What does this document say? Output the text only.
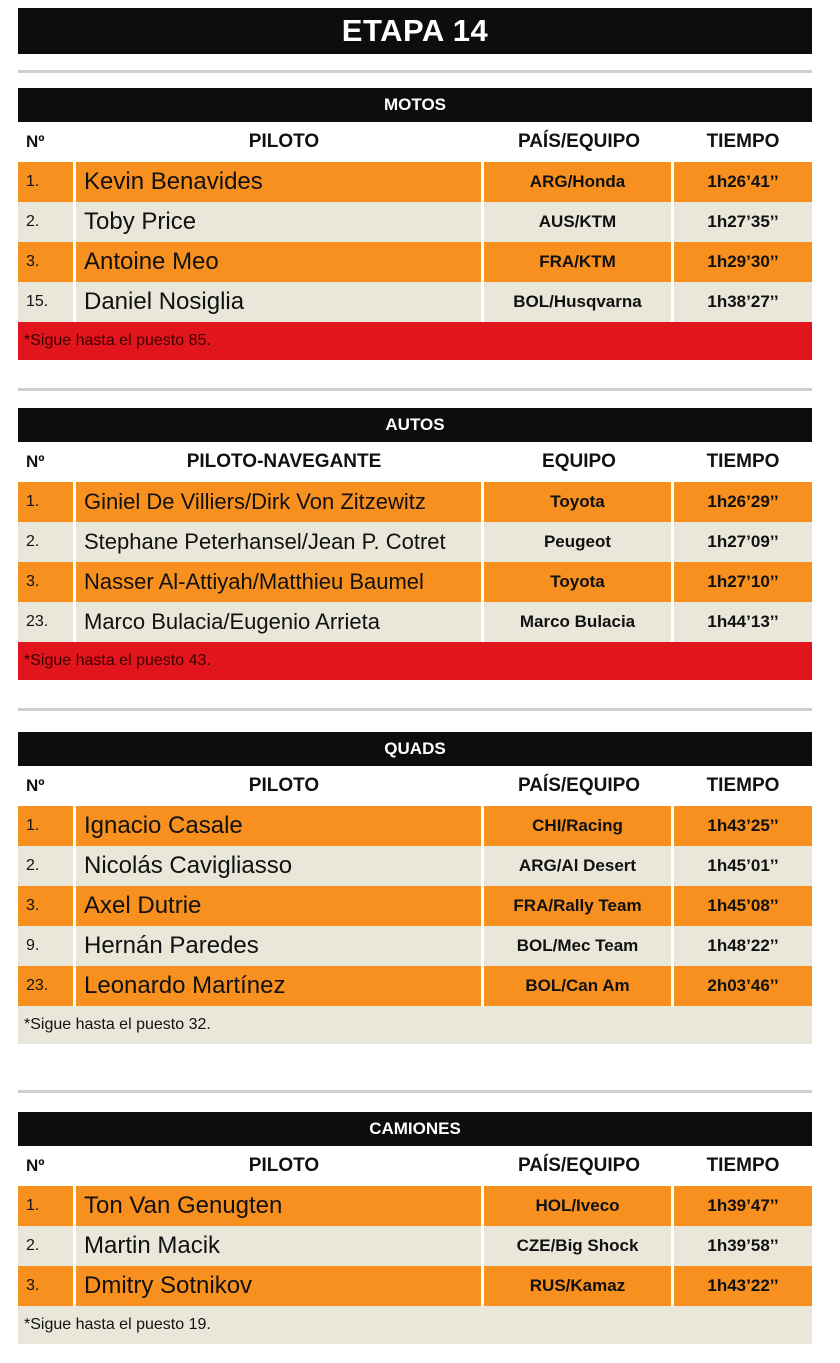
ETAPA 14
MOTOS
Nº	PILOTO	PAÍS/EQUIPO	TIEMPO
1.	Kevin Benavides	ARG/Honda	1h26’41’’
2.	Toby Price	AUS/KTM	1h27’35’’
3.	Antoine Meo	FRA/KTM	1h29’30’’
15.	Daniel Nosiglia	BOL/Husqvarna	1h38’27’’
*Sigue hasta el puesto 85.
AUTOS
Nº	PILOTO-NAVEGANTE	EQUIPO	TIEMPO
1.	Giniel De Villiers/Dirk Von Zitzewitz	Toyota	1h26’29’’
2.	Stephane Peterhansel/Jean P. Cotret	Peugeot	1h27’09’’
3.	Nasser Al-Attiyah/Matthieu Baumel	Toyota	1h27’10’’
23.	Marco Bulacia/Eugenio Arrieta	Marco Bulacia	1h44’13’’
*Sigue hasta el puesto 43.
QUADS
Nº	PILOTO	PAÍS/EQUIPO	TIEMPO
1.	Ignacio Casale	CHI/Racing	1h43’25’’
2.	Nicolás Cavigliasso	ARG/Al Desert	1h45’01’’
3.	Axel Dutrie	FRA/Rally Team	1h45’08’’
9.	Hernán Paredes	BOL/Mec Team	1h48’22’’
23.	Leonardo Martínez	BOL/Can Am	2h03’46’’
*Sigue hasta el puesto 32.
CAMIONES
Nº	PILOTO	PAÍS/EQUIPO	TIEMPO
1.	Ton Van Genugten	HOL/Iveco	1h39’47’’
2.	Martin Macik	CZE/Big Shock	1h39’58’’
3.	Dmitry Sotnikov	RUS/Kamaz	1h43’22’’
*Sigue hasta el puesto 19.
